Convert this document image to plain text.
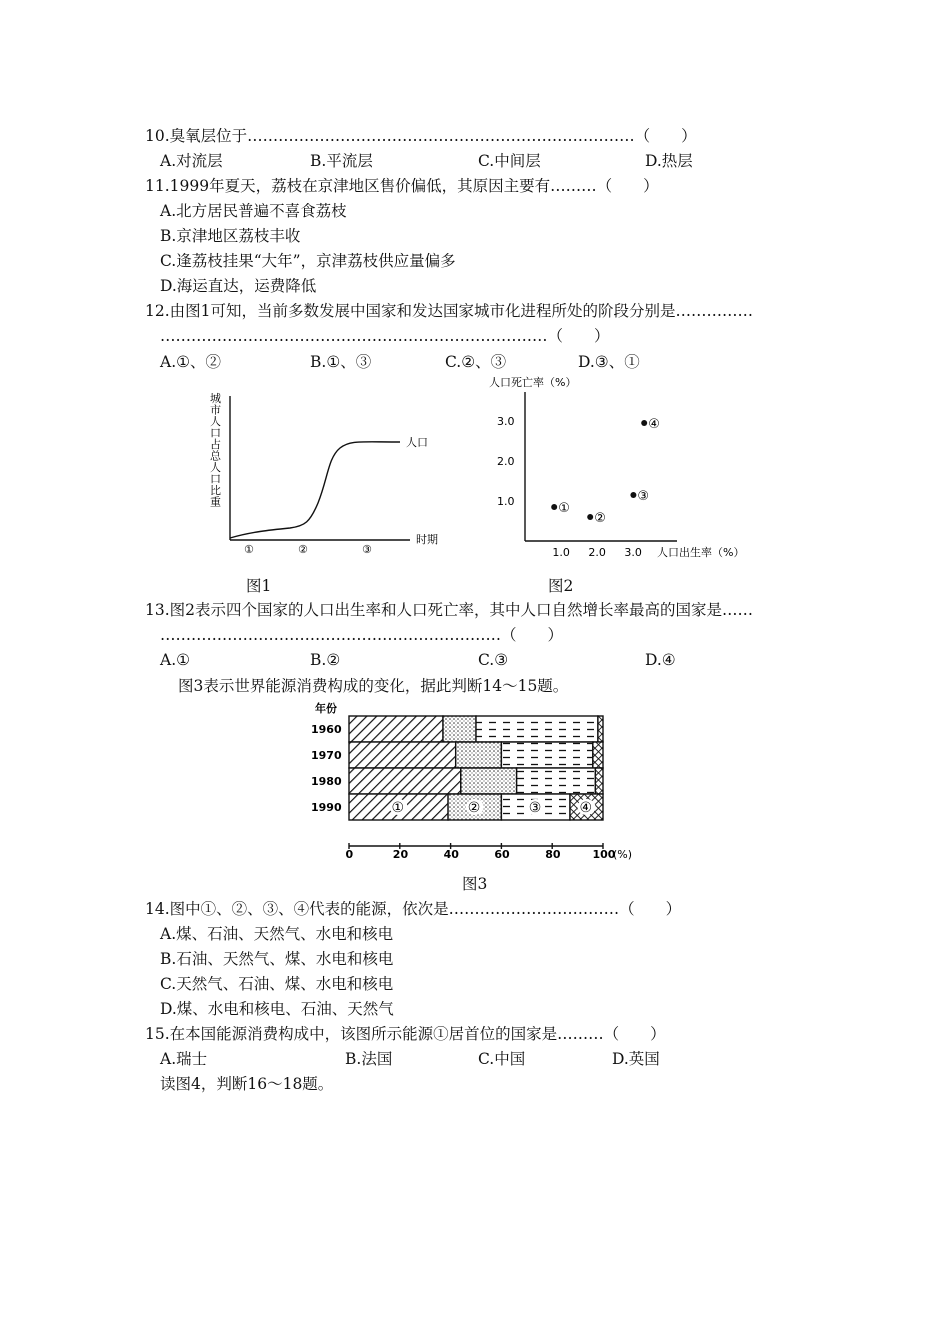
10.臭氧层位于…………………………………………………………………（　　）
A.对流层	B.平流层	C.中间层	D.热层
11.1999年夏天，荔枝在京津地区售价偏低，其原因主要有………（　　）
A.北方居民普遍不喜食荔枝
B.京津地区荔枝丰收
C.逢荔枝挂果“大年”，京津荔枝供应量偏多
D.海运直达，运费降低
12.由图1可知，当前多数发展中国家和发达国家城市化进程所处的阶段分别是……………
…………………………………………………………………（　　）
A.①、②	B.①、③	C.②、③	D.③、①
城市人口占总人口比重
人口
时期
①	②	③
图1
人口死亡率（%）
1.0
2.0
3.0
1.0 2.0 3.0
①
②
③
④
人口出生率（%）
图2
13.图2表示四个国家的人口出生率和人口死亡率，其中人口自然增长率最高的国家是……
…………………………………………………………（　　）
A.①	B.②	C.③	D.④
图3表示世界能源消费构成的变化，据此判断14～15题。
年份
1960
1970
1980
1990	①	②	③	④
0	20	40	60	80	100
(%)
图3
14.图中①、②、③、④代表的能源，依次是……………………………（　　）
A.煤、石油、天然气、水电和核电
B.石油、天然气、煤、水电和核电
C.天然气、石油、煤、水电和核电
D.煤、水电和核电、石油、天然气
15.在本国能源消费构成中，该图所示能源①居首位的国家是………（　　）
A.瑞士	B.法国	C.中国	D.英国
读图4，判断16～18题。
